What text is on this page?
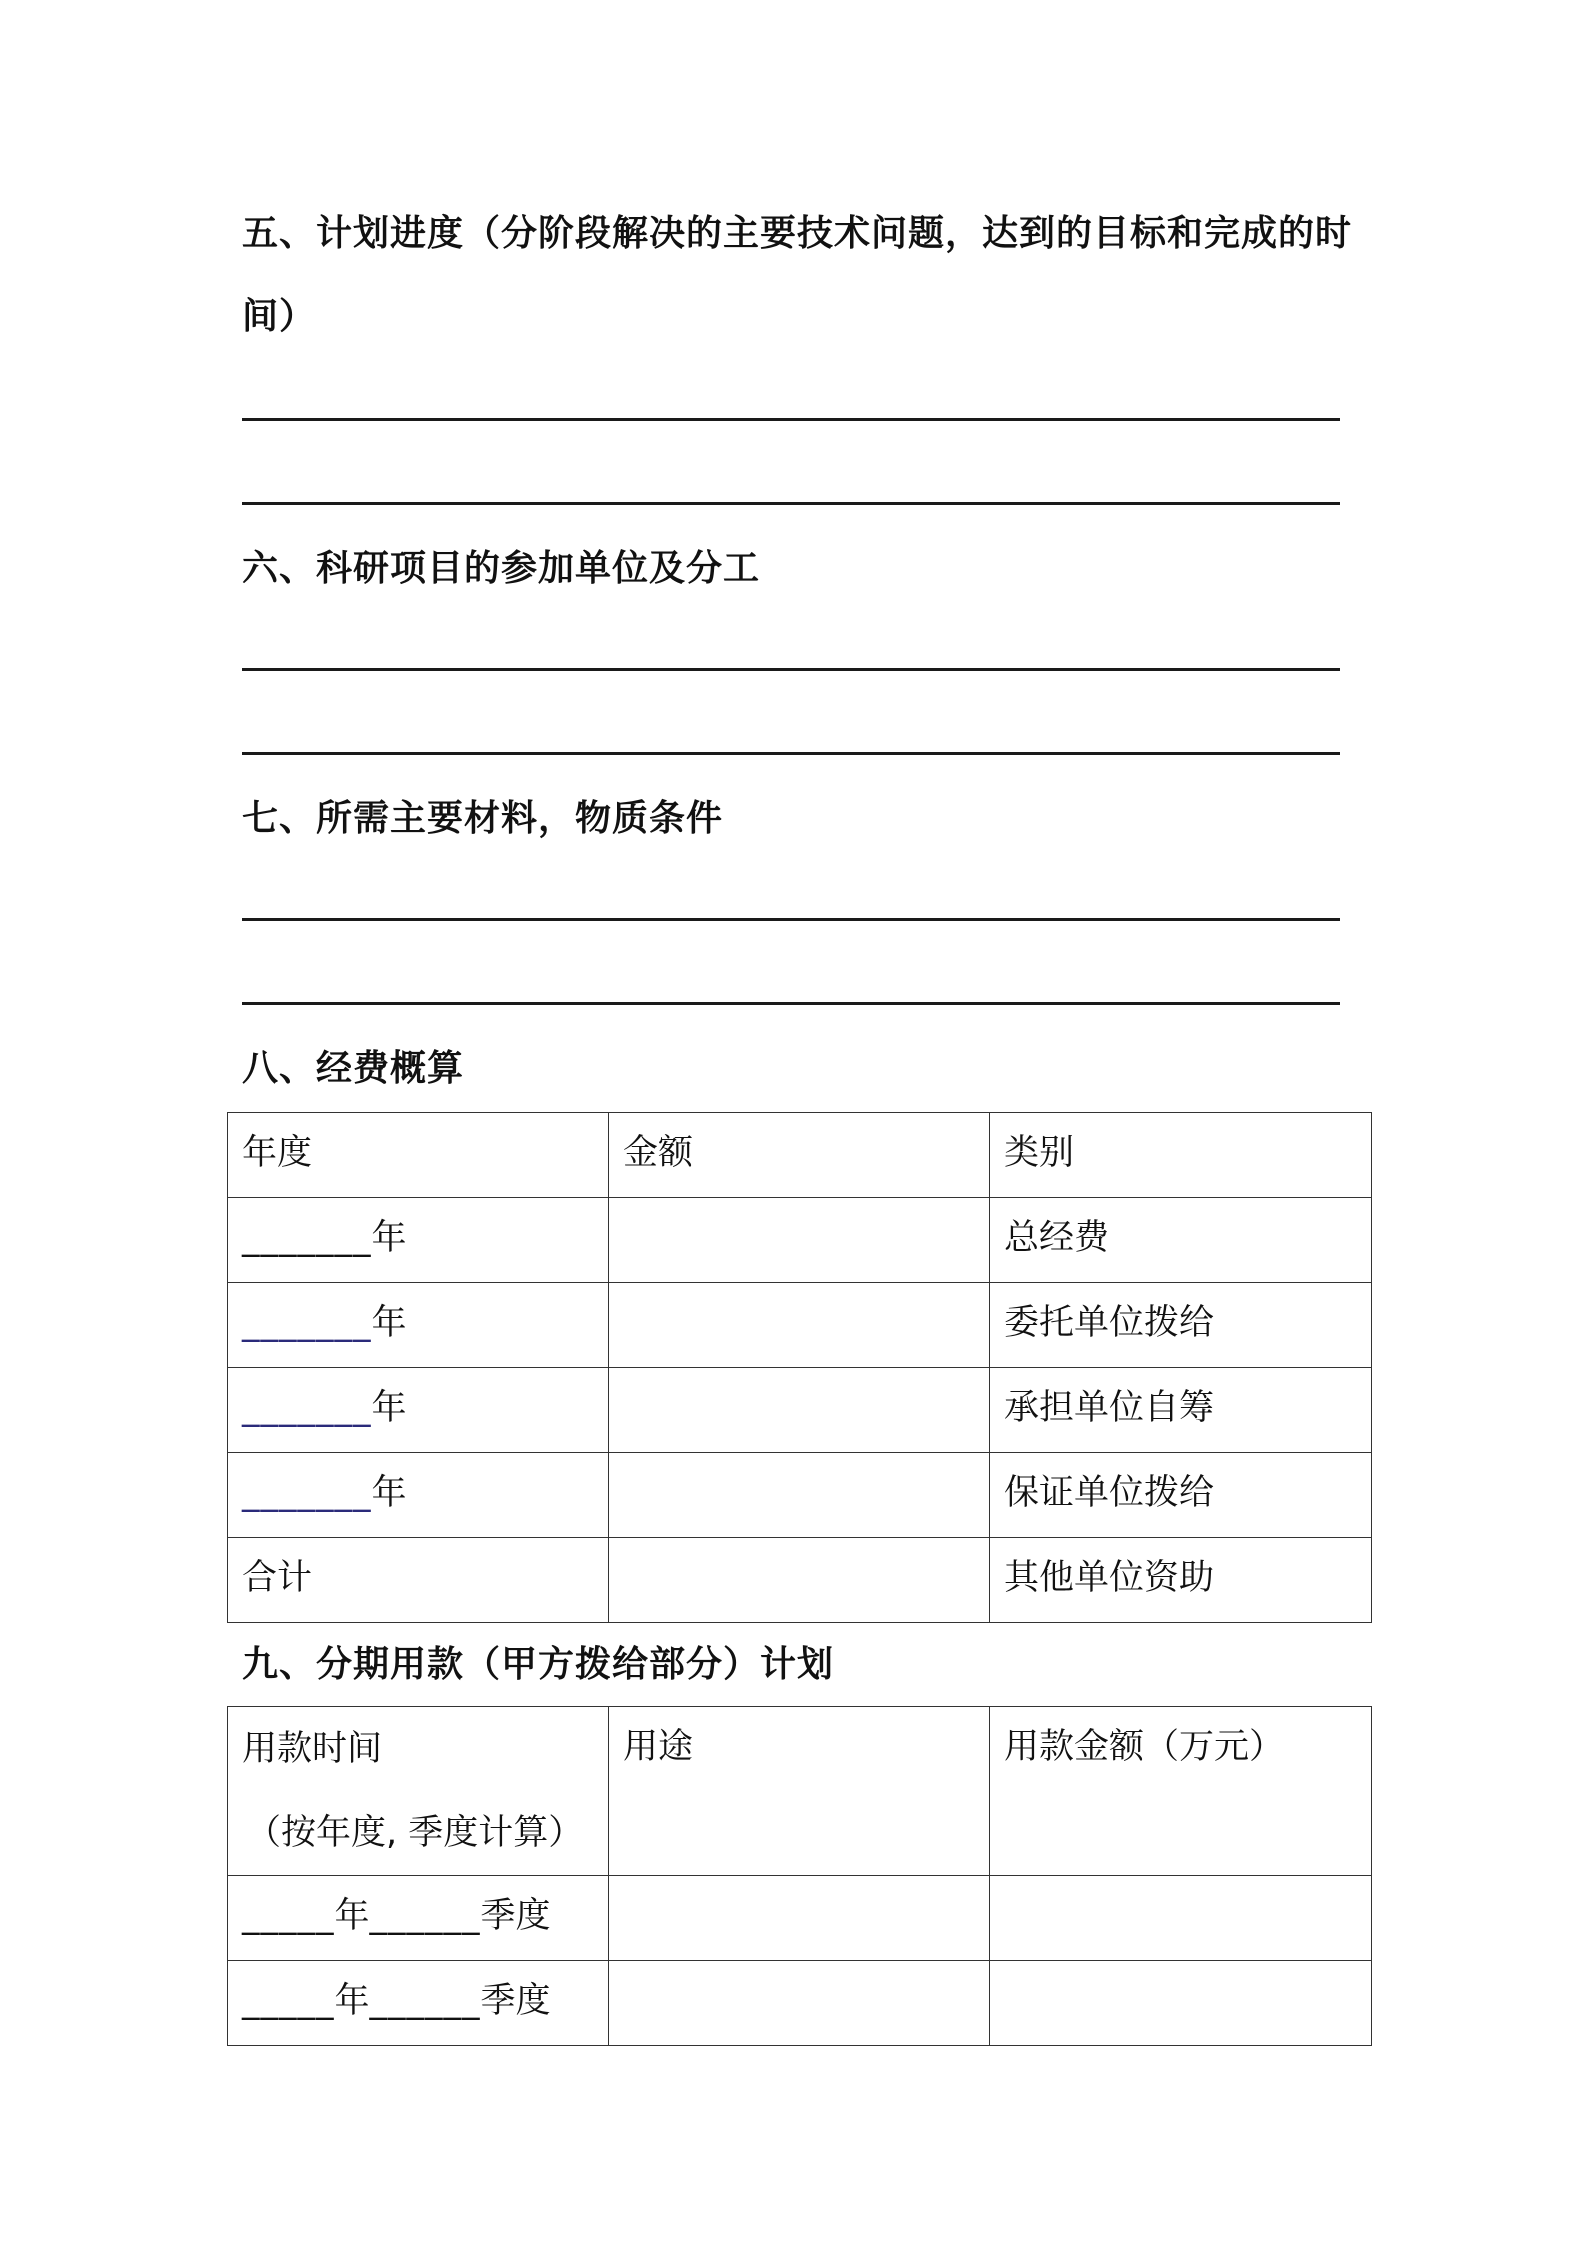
五、计划进度（分阶段解决的主要技术问题，达到的目标和完成的时
间）
六、科研项目的参加单位及分工
七、所需主要材料，物质条件
八、经费概算
年度	金额	类别
_______年		总经费
_______年		委托单位拨给
_______年		承担单位自筹
_______年		保证单位拨给
合计		其他单位资助
九、分期用款（甲方拨给部分）计划
用款时间
（按年度, 季度计算）	用途	用款金额（万元）
_____年______季度		
_____年______季度		
